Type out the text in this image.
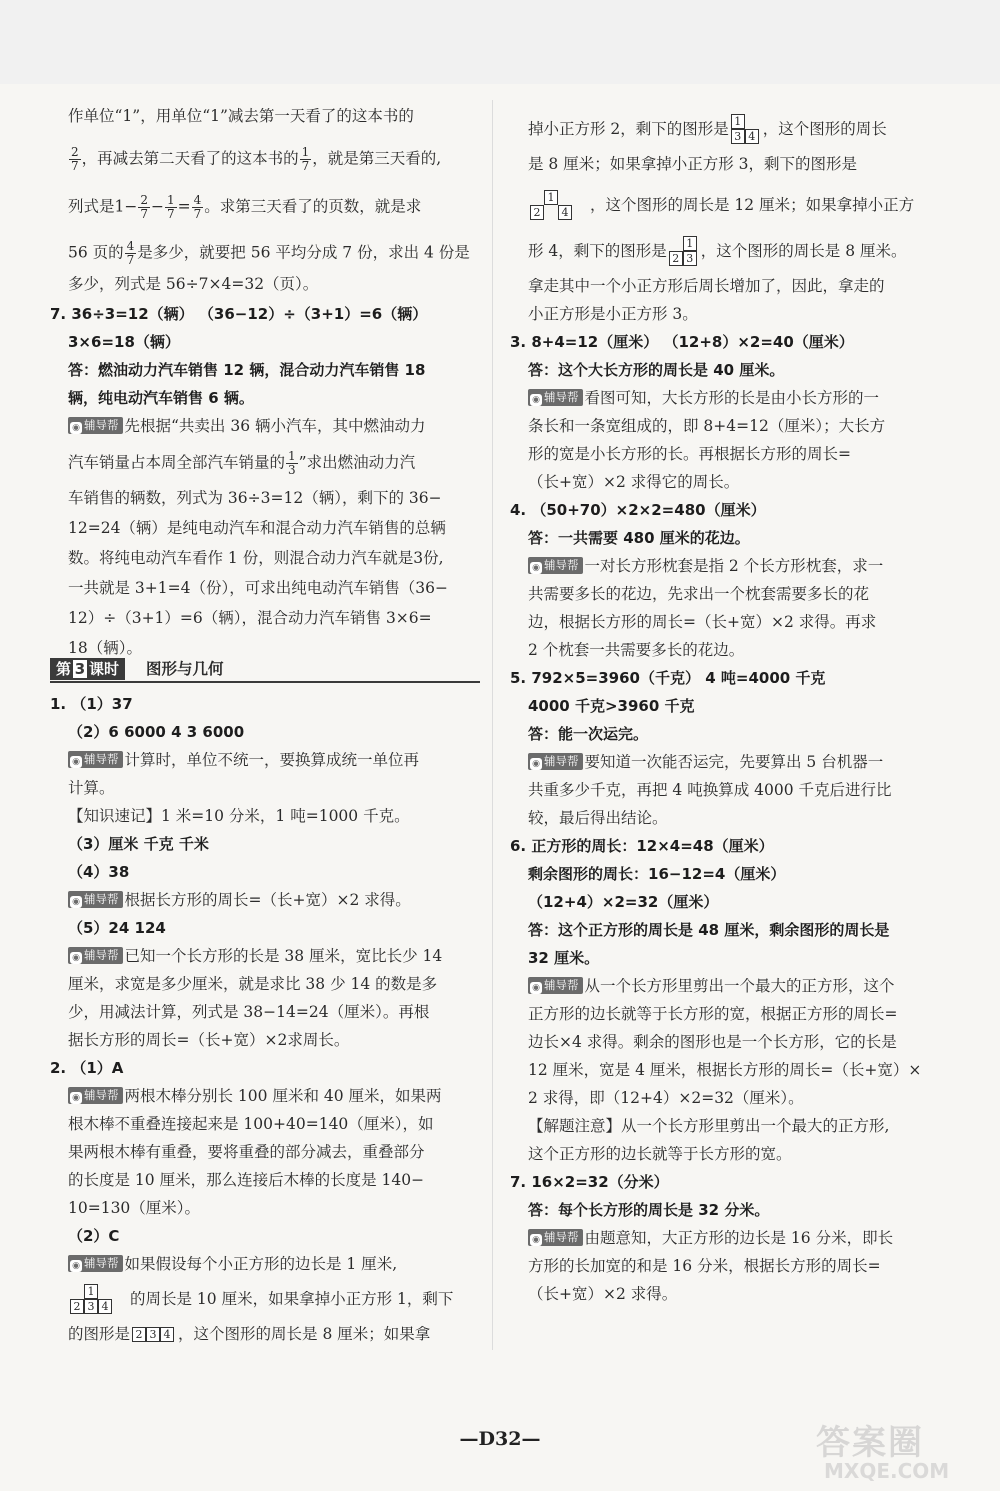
作单位“1”，用单位“1”减去第一天看了的这本书的
$\frac{2}{7}$ ，再减去第二天看了的这本书的 $\frac{1}{7}$ ，就是第三天看的,
列式是$1- \frac{2}{7} - \frac{1}{7} = \frac{4}{7}$ 。求第三天看了的页数，就是求
56 页的 $\frac{4}{7}$ 是多少，就要把 56 平均分成 7 份，求出 4 份是
多少，列式是 56÷7×4=32（页）。
7. 36÷3=12（辆） （36−12）÷（3+1）=6（辆）
3×6=18（辆）
答：燃油动力汽车销售 12 辆，混合动力汽车销售 18
辆，纯电动汽车销售 6 辆。
◉ 辅导帮 先根据“共卖出 36 辆小汽车，其中燃油动力
汽车销量占本周全部汽车销量的 $\frac{1}{3}$ ”求出燃油动力汽
车销售的辆数，列式为 36÷3=12（辆），剩下的 36−
12=24（辆）是纯电动汽车和混合动力汽车销售的总辆
数。将纯电动汽车看作 1 份，则混合动力汽车就是3份,
一共就是 3+1=4（份），可求出纯电动汽车销售（36−
12）÷（3+1）=6（辆），混合动力汽车销售 3×6=
18（辆）。
第 3 课时	图形与几何
1. （1）37
（2）6 6000 4 3 6000
◉ 辅导帮 计算时，单位不统一，要换算成统一单位再
计算。
【知识速记】1 米=10 分米，1 吨=1000 千克。
（3）厘米 千克 千米
（4）38
◉ 辅导帮 根据长方形的周长=（长+宽）×2 求得。
（5）24 124
◉ 辅导帮 已知一个长方形的长是 38 厘米，宽比长少 14
厘米，求宽是多少厘米，就是求比 38 少 14 的数是多
少，用减法计算，列式是 38−14=24（厘米）。再根
据长方形的周长=（长+宽）×2求周长。
2. （1）A
◉ 辅导帮 两根木棒分别长 100 厘米和 40 厘米，如果两
根木棒不重叠连接起来是 100+40=140（厘米），如
果两根木棒有重叠，要将重叠的部分减去，重叠部分
的长度是 10 厘米，那么连接后木棒的长度是 140−
10=130（厘米）。
（2）C
◉ 辅导帮 如果假设每个小正方形的边长是 1 厘米,
1
2 3 4 的周长是 10 厘米，如果拿掉小正方形 1，剩下
的图形是 2 3 4 ，这个图形的周长是 8 厘米；如果拿
掉小正方形 2，剩下的图形是 1
3 4 ，这个图形的周长
是 8 厘米；如果拿掉小正方形 3，剩下的图形是
1
2	4 ，这个图形的周长是 12 厘米；如果拿掉小正方
形 4，剩下的图形是	1
2 3 ，这个图形的周长是 8 厘米。
拿走其中一个小正方形后周长增加了，因此，拿走的
小正方形是小正方形 3。
3. 8+4=12（厘米） （12+8）×2=40（厘米）
答：这个大长方形的周长是 40 厘米。
◉ 辅导帮 看图可知，大长方形的长是由小长方形的一
条长和一条宽组成的，即 8+4=12（厘米）；大长方
形的宽是小长方形的长。再根据长方形的周长=
（长+宽）×2 求得它的周长。
4. （50+70）×2×2=480（厘米）
答：一共需要 480 厘米的花边。
◉ 辅导帮 一对长方形枕套是指 2 个长方形枕套，求一
共需要多长的花边，先求出一个枕套需要多长的花
边，根据长方形的周长=（长+宽）×2 求得。再求
2 个枕套一共需要多长的花边。
5. 792×5=3960（千克） 4 吨=4000 千克
4000 千克>3960 千克
答：能一次运完。
◉ 辅导帮 要知道一次能否运完，先要算出 5 台机器一
共重多少千克，再把 4 吨换算成 4000 千克后进行比
较，最后得出结论。
6. 正方形的周长：12×4=48（厘米）
剩余图形的周长：16−12=4（厘米）
（12+4）×2=32（厘米）
答：这个正方形的周长是 48 厘米，剩余图形的周长是
32 厘米。
◉ 辅导帮 从一个长方形里剪出一个最大的正方形，这个
正方形的边长就等于长方形的宽，根据正方形的周长=
边长×4 求得。剩余的图形也是一个长方形，它的长是
12 厘米，宽是 4 厘米，根据长方形的周长=（长+宽）×
2 求得，即（12+4）×2=32（厘米）。
【解题注意】从一个长方形里剪出一个最大的正方形,
这个正方形的边长就等于长方形的宽。
7. 16×2=32（分米）
答：每个长方形的周长是 32 分米。
◉ 辅导帮 由题意知，大正方形的边长是 16 分米，即长
方形的长加宽的和是 16 分米，根据长方形的周长=
（长+宽）×2 求得。
—D32—	答案圈
MXQE.COM
